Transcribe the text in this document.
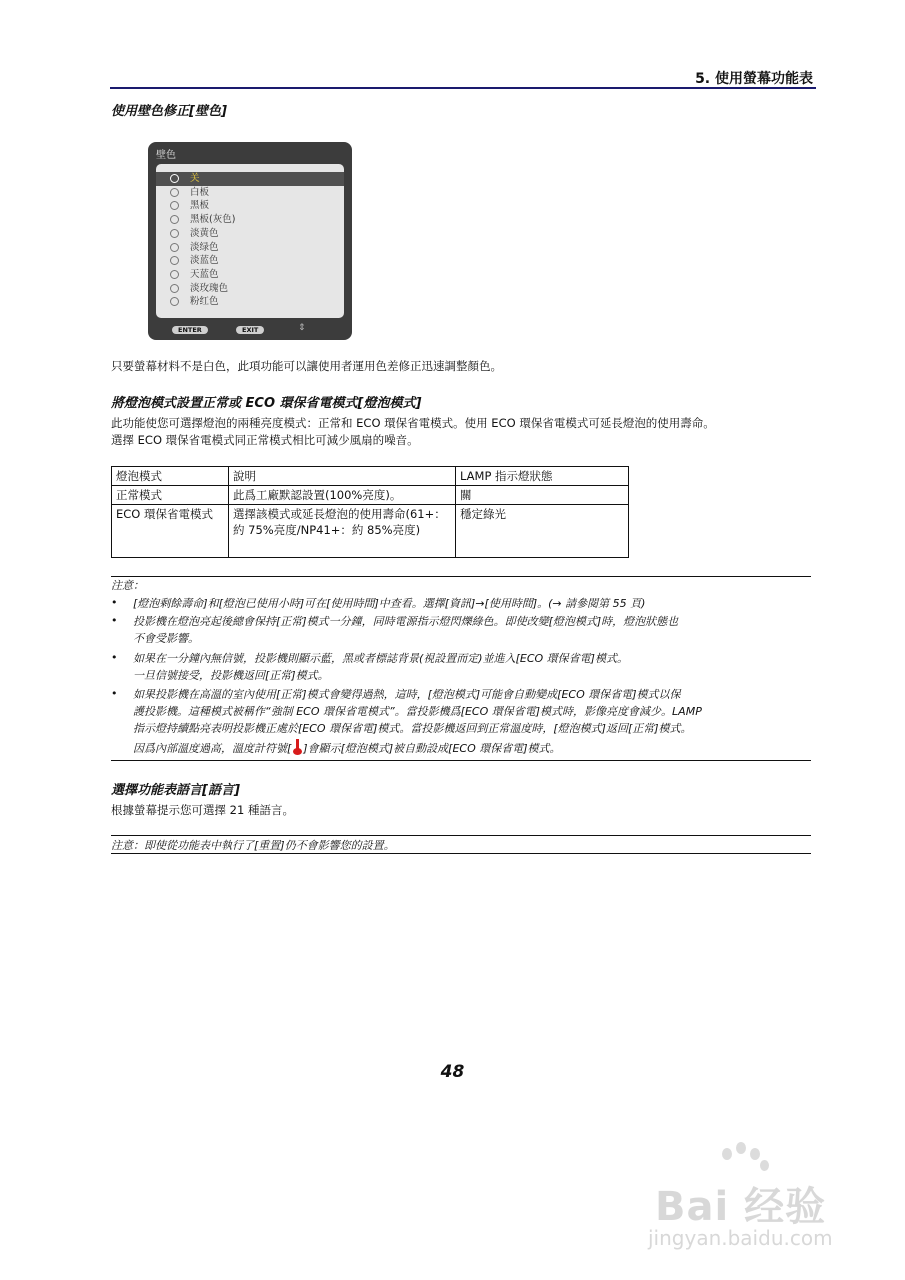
5. 使用螢幕功能表
使用壁色修正[壁色]
壁色
关
白板
黑板
黑板(灰色)
淡黄色
淡绿色
淡蓝色
天蓝色
淡玫瑰色
粉红色
ENTER	EXIT	⇕
只要螢幕材料不是白色，此項功能可以讓使用者運用色差修正迅速調整顏色。
將燈泡模式設置正常或 ECO 環保省電模式[燈泡模式]
此功能使您可選擇燈泡的兩種亮度模式：正常和 ECO 環保省電模式。使用 ECO 環保省電模式可延長燈泡的使用壽命。
選擇 ECO 環保省電模式同正常模式相比可減少風扇的噪音。
燈泡模式	說明	LAMP 指示燈狀態
正常模式	此爲工廠默認設置(100%亮度)。	關
ECO 環保省電模式	選擇該模式或延長燈泡的使用壽命(61+：約 75%亮度/NP41+：約 85%亮度)	穩定綠光
注意：
• [燈泡剩餘壽命]和[燈泡已使用小時]可在[使用時間]中查看。選擇[資訊]→[使用時間]。(→ 請參閱第 55 頁)
• 投影機在燈泡亮起後總會保持[正常]模式一分鐘，同時電源指示燈閃爍綠色。即使改變[燈泡模式]時，燈泡狀態也
不會受影響。
• 如果在一分鐘內無信號，投影機則顯示藍，黑或者標誌背景(視設置而定)並進入[ECO 環保省電]模式。
一旦信號接受，投影機返回[正常]模式。
• 如果投影機在高溫的室內使用[正常]模式會變得過熱，這時，[燈泡模式]可能會自動變成[ECO 環保省電]模式以保
護投影機。這種模式被稱作“強制 ECO 環保省電模式”。當投影機爲[ECO 環保省電]模式時，影像亮度會減少。LAMP
指示燈持續點亮表明投影機正處於[ECO 環保省電]模式。當投影機返回到正常溫度時，[燈泡模式]返回[正常]模式。
因爲內部溫度過高，溫度計符號[ ]會顯示[燈泡模式]被自動設成[ECO 環保省電]模式。
選擇功能表語言[語言]
根據螢幕提示您可選擇 21 種語言。
注意：即使從功能表中執行了[重置]仍不會影響您的設置。
48
Bai 经验
jingyan.baidu.com
